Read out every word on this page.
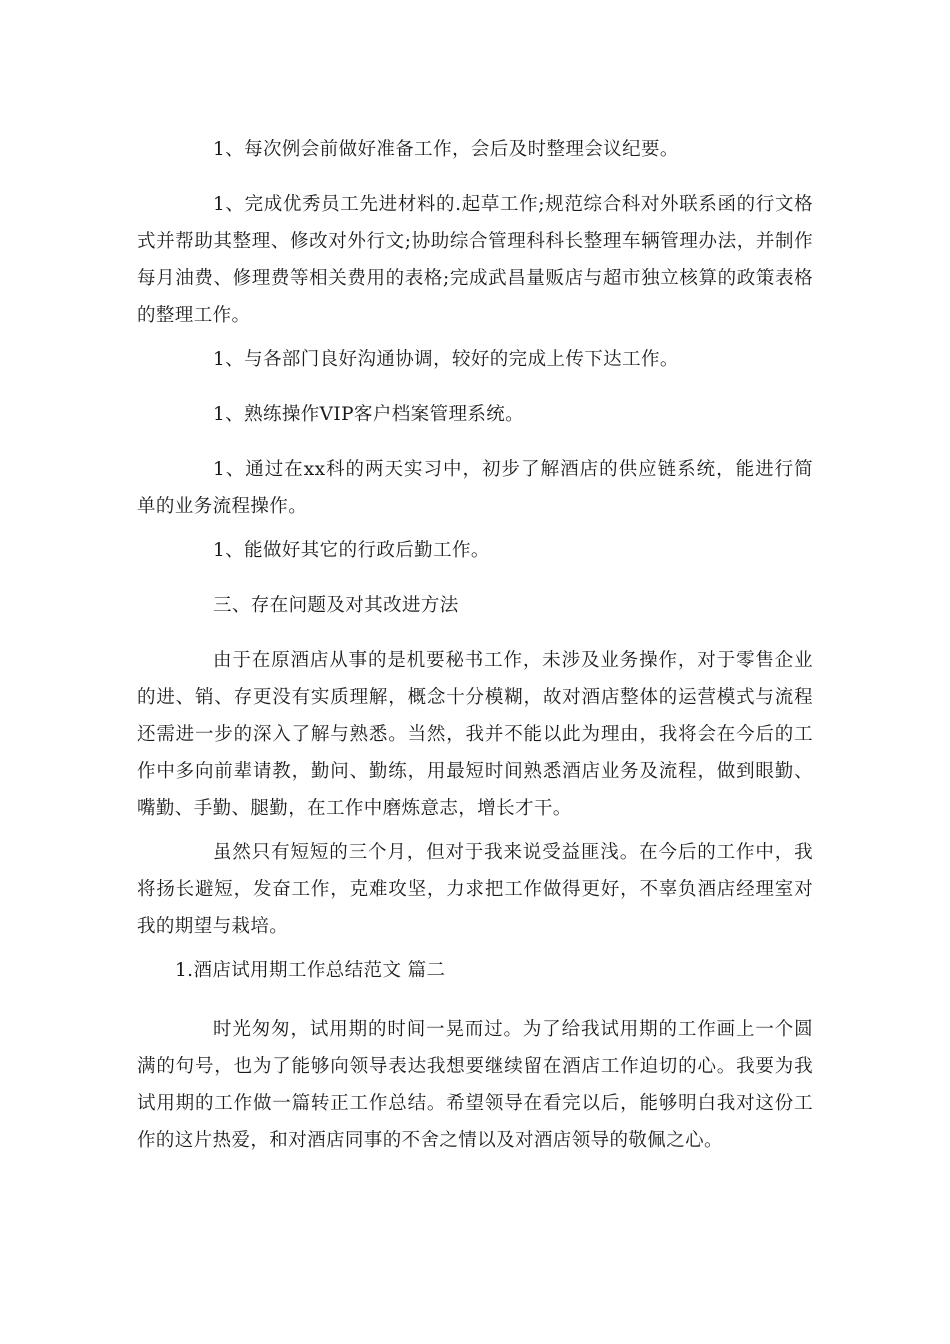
1、每次例会前做好准备工作，会后及时整理会议纪要。

1、完成优秀员工先进材料的.起草工作;规范综合科对外联系函的行文格式并帮助其整理、修改对外行文;协助综合管理科科长整理车辆管理办法，并制作每月油费、修理费等相关费用的表格;完成武昌量贩店与超市独立核算的政策表格的整理工作。

1、与各部门良好沟通协调，较好的完成上传下达工作。

1、熟练操作VIP客户档案管理系统。

1、通过在xx科的两天实习中，初步了解酒店的供应链系统，能进行简单的业务流程操作。

1、能做好其它的行政后勤工作。

三、存在问题及对其改进方法

由于在原酒店从事的是机要秘书工作，未涉及业务操作，对于零售企业的进、销、存更没有实质理解，概念十分模糊，故对酒店整体的运营模式与流程还需进一步的深入了解与熟悉。当然，我并不能以此为理由，我将会在今后的工作中多向前辈请教，勤问、勤练，用最短时间熟悉酒店业务及流程，做到眼勤、嘴勤、手勤、腿勤，在工作中磨炼意志，增长才干。

虽然只有短短的三个月，但对于我来说受益匪浅。在今后的工作中，我将扬长避短，发奋工作，克难攻坚，力求把工作做得更好，不辜负酒店经理室对我的期望与栽培。

1.酒店试用期工作总结范文 篇二

时光匆匆，试用期的时间一晃而过。为了给我试用期的工作画上一个圆满的句号，也为了能够向领导表达我想要继续留在酒店工作迫切的心。我要为我试用期的工作做一篇转正工作总结。希望领导在看完以后，能够明白我对这份工作的这片热爱，和对酒店同事的不舍之情以及对酒店领导的敬佩之心。
